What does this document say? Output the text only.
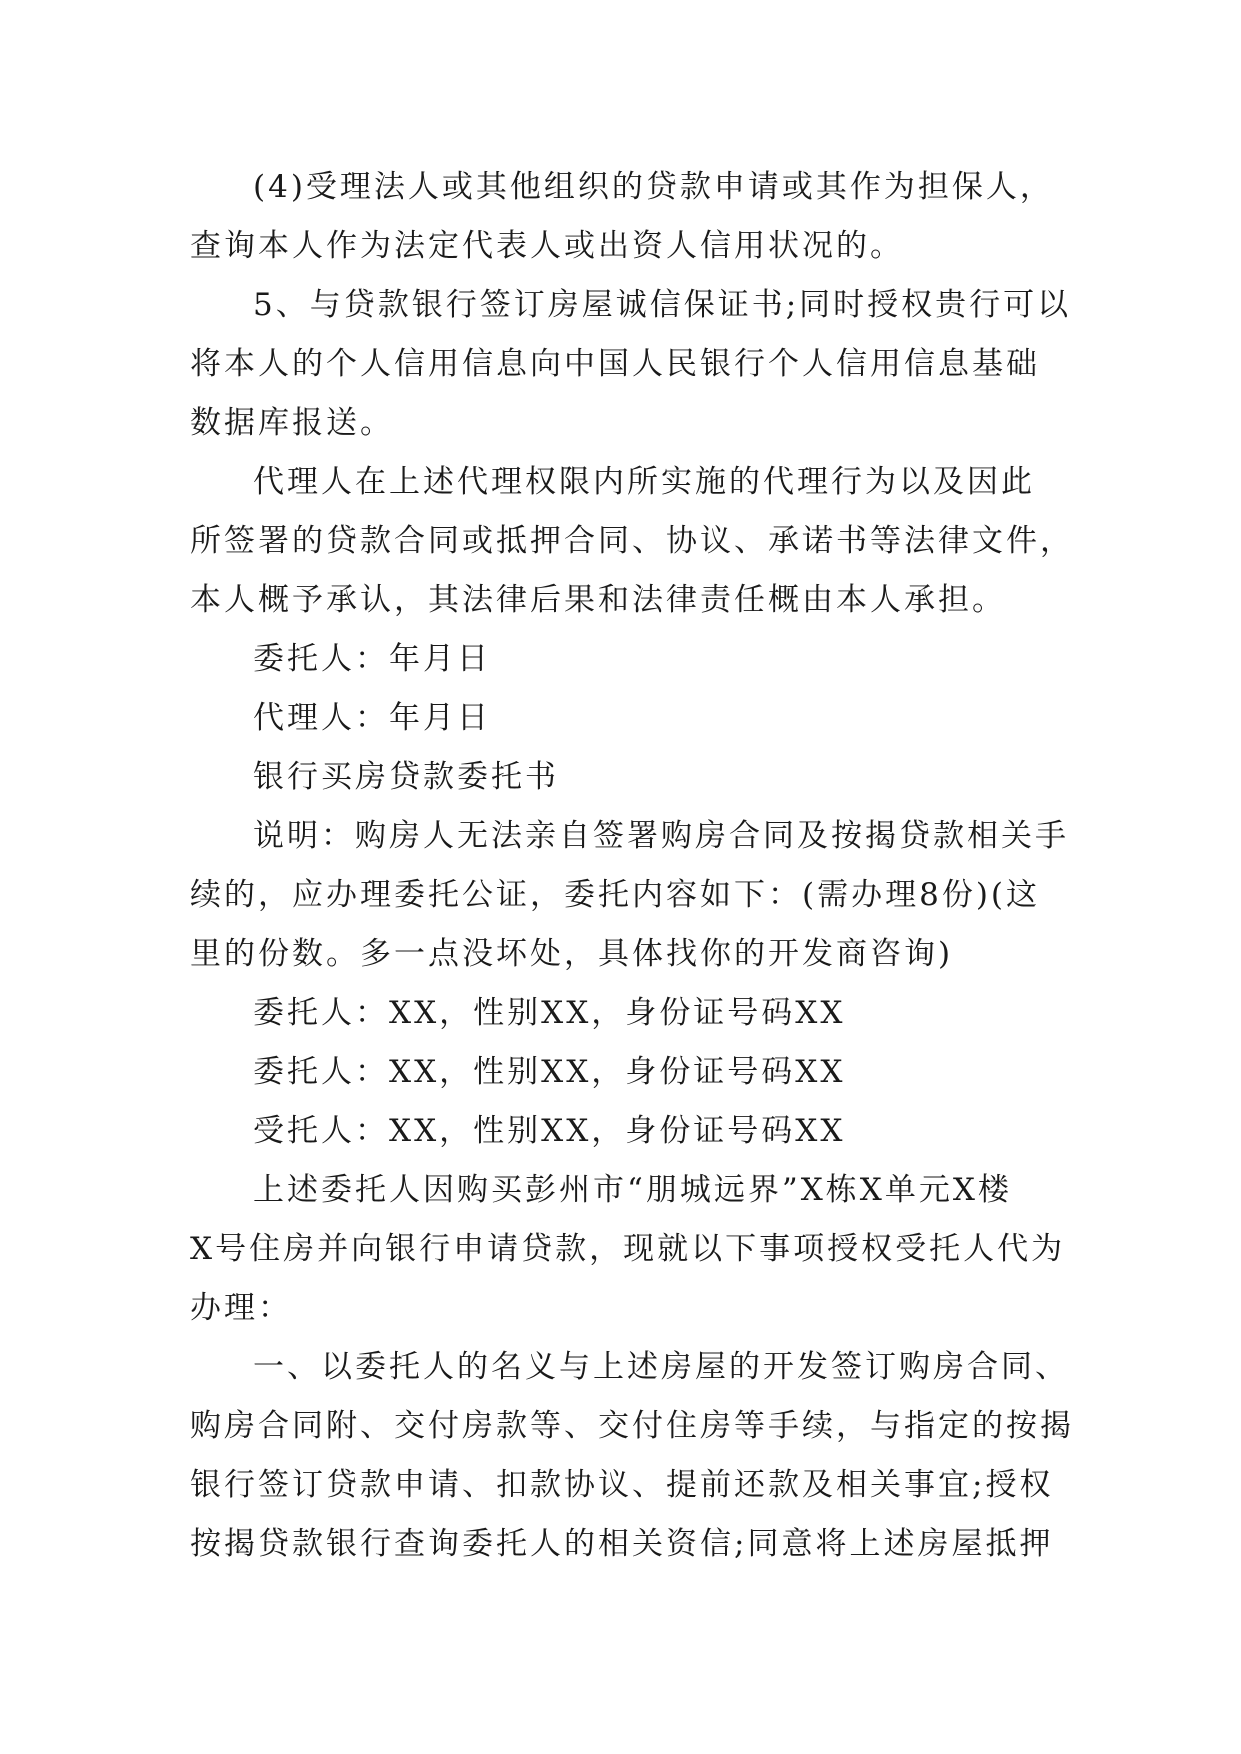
(4)受理法人或其他组织的贷款申请或其作为担保人，
查询本人作为法定代表人或出资人信用状况的。
5、与贷款银行签订房屋诚信保证书;同时授权贵行可以
将本人的个人信用信息向中国人民银行个人信用信息基础
数据库报送。
代理人在上述代理权限内所实施的代理行为以及因此
所签署的贷款合同或抵押合同、协议、承诺书等法律文件，
本人概予承认，其法律后果和法律责任概由本人承担。
委托人：年月日
代理人：年月日
银行买房贷款委托书
说明：购房人无法亲自签署购房合同及按揭贷款相关手
续的，应办理委托公证，委托内容如下：(需办理8份)(这
里的份数。多一点没坏处，具体找你的开发商咨询)
委托人：XX，性别XX，身份证号码XX
委托人：XX，性别XX，身份证号码XX
受托人：XX，性别XX，身份证号码XX
上述委托人因购买彭州市“朋城远界”X栋X单元X楼
X号住房并向银行申请贷款，现就以下事项授权受托人代为
办理：
一、以委托人的名义与上述房屋的开发签订购房合同、
购房合同附、交付房款等、交付住房等手续，与指定的按揭
银行签订贷款申请、扣款协议、提前还款及相关事宜;授权
按揭贷款银行查询委托人的相关资信;同意将上述房屋抵押
